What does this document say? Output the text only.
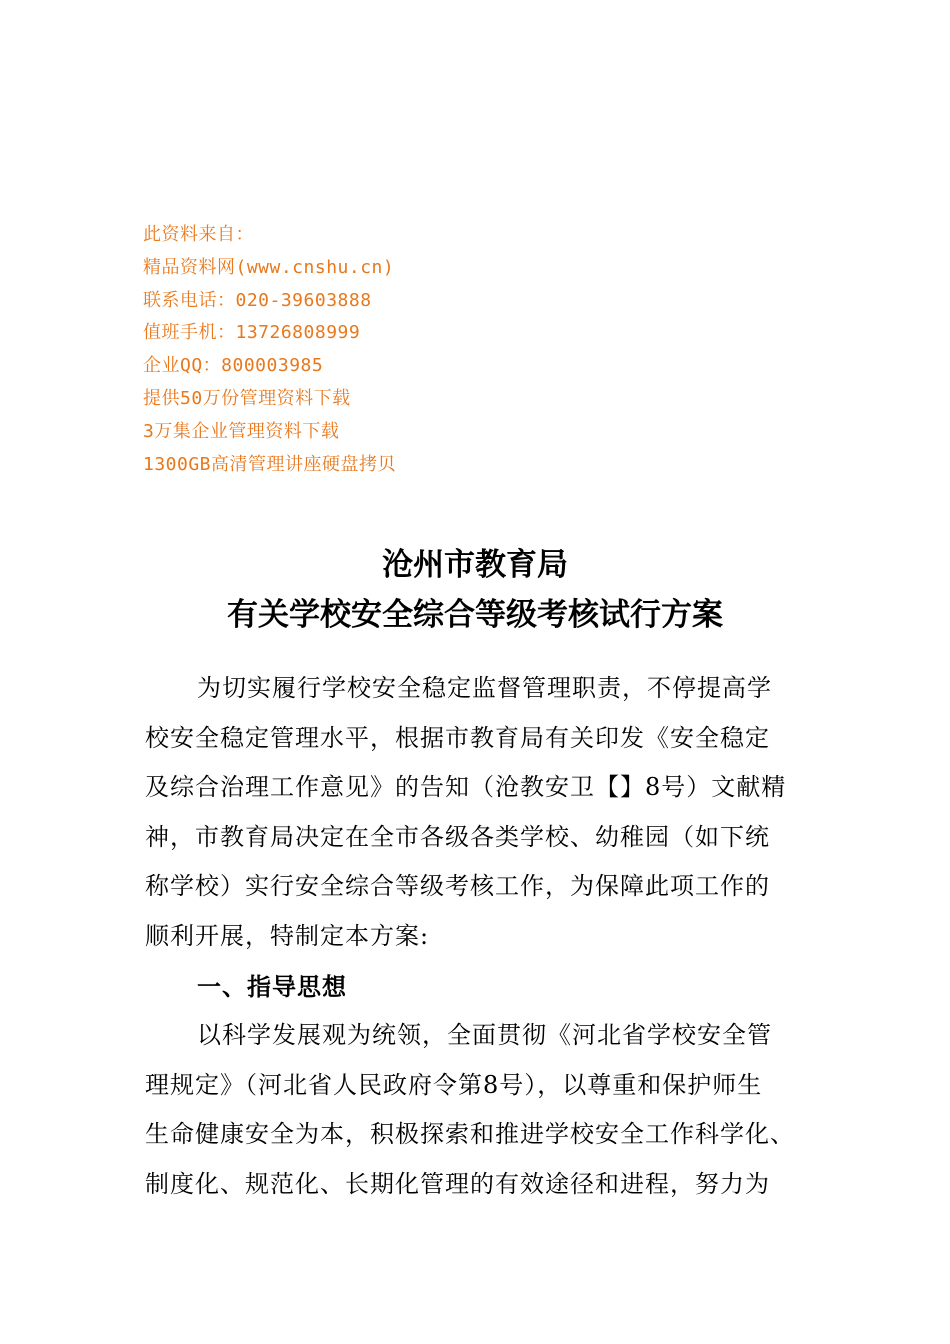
此资料来自：
精品资料网(www.cnshu.cn)
联系电话：020-39603888
值班手机：13726808999
企业QQ：800003985
提供50万份管理资料下载
3万集企业管理资料下载
1300GB高清管理讲座硬盘拷贝
沧州市教育局
有关学校安全综合等级考核试行方案
为切实履行学校安全稳定监督管理职责，不停提高学
校安全稳定管理水平，根据市教育局有关印发《安全稳定
及综合治理工作意见》的告知（沧教安卫【】8号）文献精
神，市教育局决定在全市各级各类学校、幼稚园（如下统
称学校）实行安全综合等级考核工作，为保障此项工作的
顺利开展，特制定本方案:
一、指导思想
以科学发展观为统领，全面贯彻《河北省学校安全管
理规定》（河北省人民政府令第8号），以尊重和保护师生
生命健康安全为本，积极探索和推进学校安全工作科学化、
制度化、规范化、长期化管理的有效途径和进程，努力为
